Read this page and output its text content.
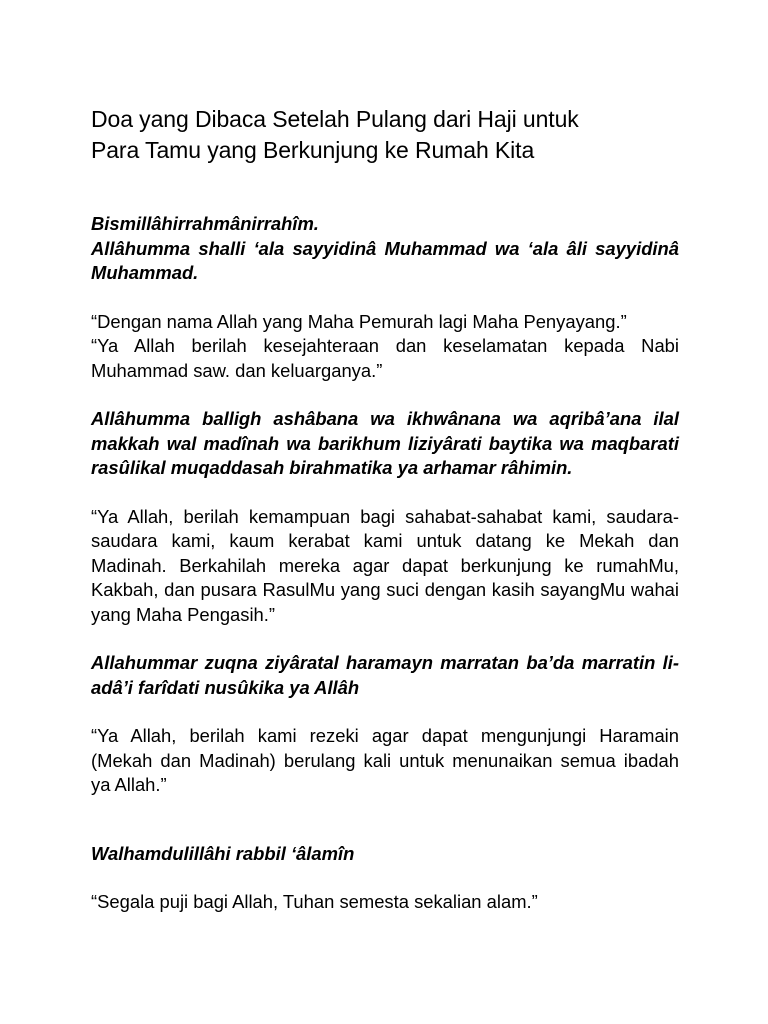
Doa yang Dibaca Setelah Pulang dari Haji untuk
Para Tamu yang Berkunjung ke Rumah Kita

Bismillâhirrahmânirrahîm.
Allâhumma shalli ‘ala sayyidinâ Muhammad wa ‘ala âli sayyidinâ Muhammad.

“Dengan nama Allah yang Maha Pemurah lagi Maha Penyayang.”
“Ya Allah berilah kesejahteraan dan keselamatan kepada Nabi Muhammad saw. dan keluarganya.”

Allâhumma balligh ashâbana wa ikhwânana wa aqribâ’ana ilal makkah wal madînah wa barikhum liziyârati baytika wa maqbarati rasûlikal muqaddasah birahmatika ya arhamar râhimin.

“Ya Allah, berilah kemampuan bagi sahabat-sahabat kami, saudara-saudara kami, kaum kerabat kami untuk datang ke Mekah dan Madinah. Berkahilah mereka agar dapat berkunjung ke rumahMu, Kakbah, dan pusara RasulMu yang suci dengan kasih sayangMu wahai yang Maha Pengasih.”

Allahummar zuqna ziyâratal haramayn marratan ba’da marratin li-adâ’i farîdati nusûkika ya Allâh

“Ya Allah, berilah kami rezeki agar dapat mengunjungi Haramain (Mekah dan Madinah) berulang kali untuk menunaikan semua ibadah ya Allah.”

Walhamdulillâhi rabbil ‘âlamîn

“Segala puji bagi Allah, Tuhan semesta sekalian alam.”
